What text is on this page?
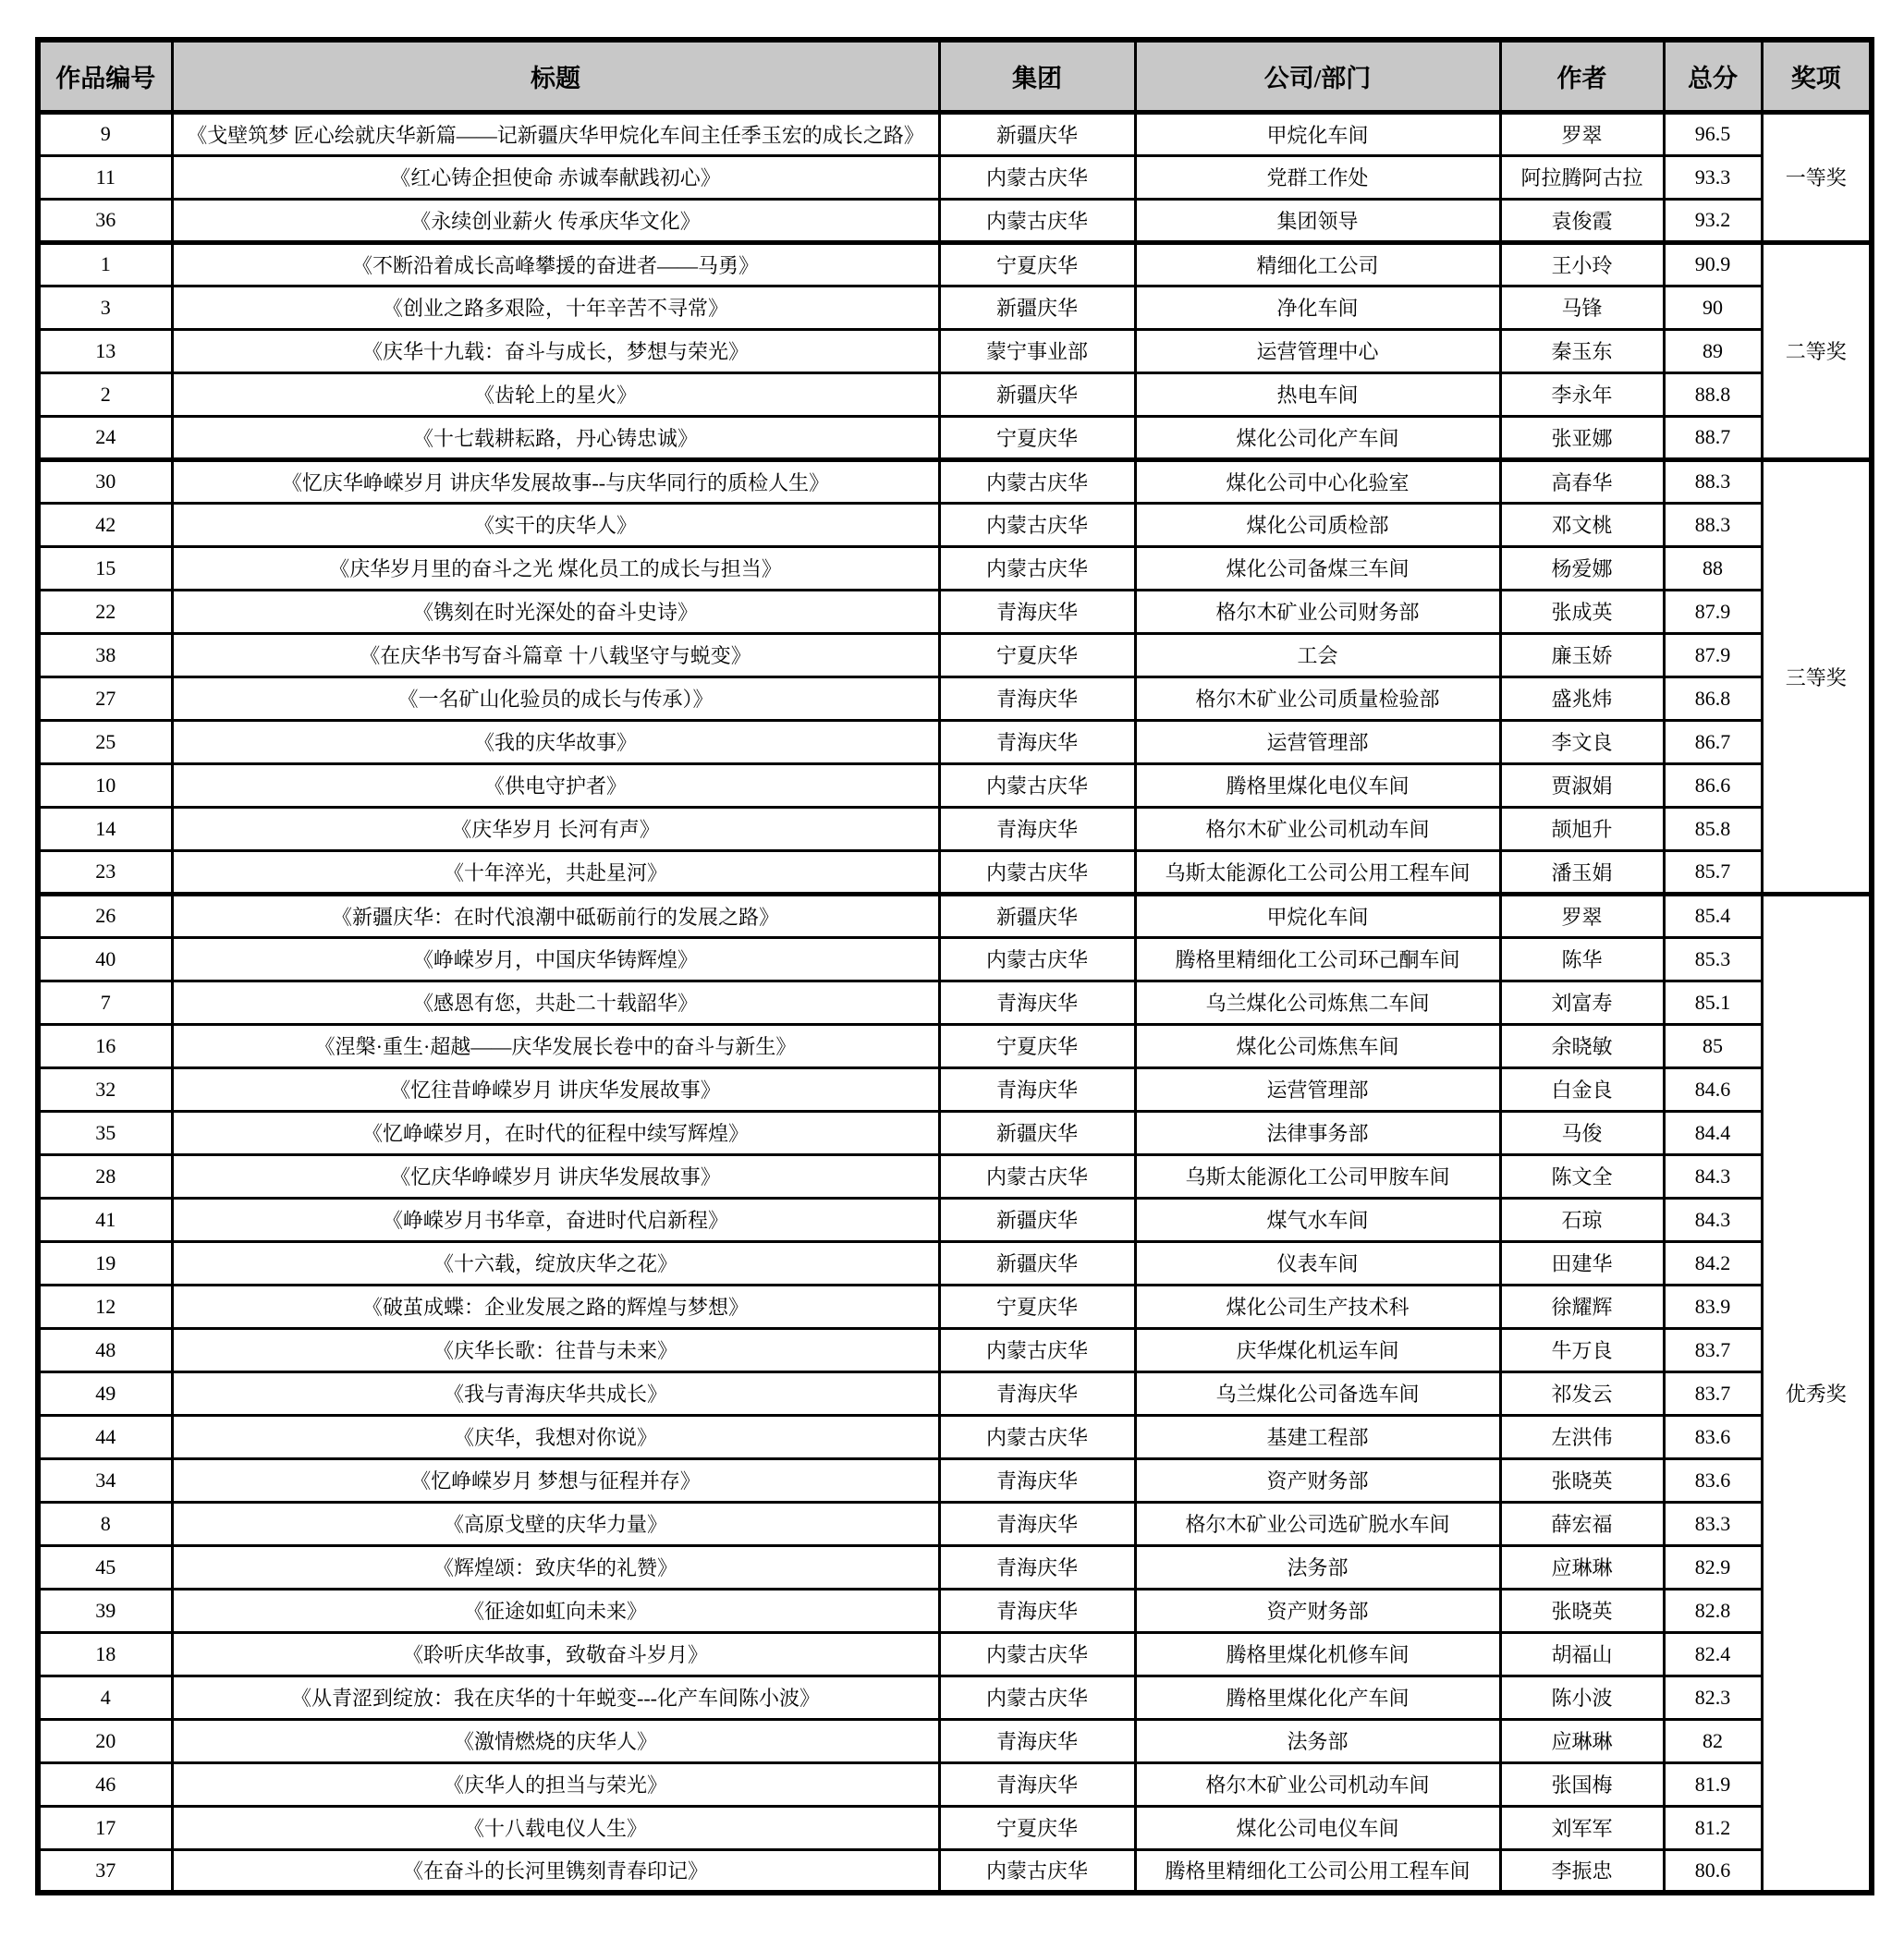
作品编号	标题	集团	公司/部门	作者	总分	奖项
9	《戈壁筑梦 匠心绘就庆华新篇——记新疆庆华甲烷化车间主任季玉宏的成长之路》	新疆庆华	甲烷化车间	罗翠	96.5	一等奖
11	《红心铸企担使命 赤诚奉献践初心》	内蒙古庆华	党群工作处	阿拉腾阿古拉	93.3	
36	《永续创业薪火 传承庆华文化》	内蒙古庆华	集团领导	袁俊霞	93.2	
1	《不断沿着成长高峰攀援的奋进者——马勇》	宁夏庆华	精细化工公司	王小玲	90.9	二等奖
3	《创业之路多艰险，十年辛苦不寻常》	新疆庆华	净化车间	马锋	90	
13	《庆华十九载：奋斗与成长，梦想与荣光》	蒙宁事业部	运营管理中心	秦玉东	89	
2	《齿轮上的星火》	新疆庆华	热电车间	李永年	88.8	
24	《十七载耕耘路，丹心铸忠诚》	宁夏庆华	煤化公司化产车间	张亚娜	88.7	
30	《忆庆华峥嵘岁月 讲庆华发展故事--与庆华同行的质检人生》	内蒙古庆华	煤化公司中心化验室	高春华	88.3	三等奖
42	《实干的庆华人》	内蒙古庆华	煤化公司质检部	邓文桃	88.3	
15	《庆华岁月里的奋斗之光 煤化员工的成长与担当》	内蒙古庆华	煤化公司备煤三车间	杨爱娜	88	
22	《镌刻在时光深处的奋斗史诗》	青海庆华	格尔木矿业公司财务部	张成英	87.9	
38	《在庆华书写奋斗篇章 十八载坚守与蜕变》	宁夏庆华	工会	廉玉娇	87.9	
27	《一名矿山化验员的成长与传承）》	青海庆华	格尔木矿业公司质量检验部	盛兆炜	86.8	
25	《我的庆华故事》	青海庆华	运营管理部	李文良	86.7	
10	《供电守护者》	内蒙古庆华	腾格里煤化电仪车间	贾淑娟	86.6	
14	《庆华岁月 长河有声》	青海庆华	格尔木矿业公司机动车间	颉旭升	85.8	
23	《十年淬光，共赴星河》	内蒙古庆华	乌斯太能源化工公司公用工程车间	潘玉娟	85.7	
26	《新疆庆华：在时代浪潮中砥砺前行的发展之路》	新疆庆华	甲烷化车间	罗翠	85.4	优秀奖
40	《峥嵘岁月，中国庆华铸辉煌》	内蒙古庆华	腾格里精细化工公司环己酮车间	陈华	85.3	
7	《感恩有您，共赴二十载韶华》	青海庆华	乌兰煤化公司炼焦二车间	刘富寿	85.1	
16	《涅槃·重生·超越——庆华发展长卷中的奋斗与新生》	宁夏庆华	煤化公司炼焦车间	余晓敏	85	
32	《忆往昔峥嵘岁月 讲庆华发展故事》	青海庆华	运营管理部	白金良	84.6	
35	《忆峥嵘岁月，在时代的征程中续写辉煌》	新疆庆华	法律事务部	马俊	84.4	
28	《忆庆华峥嵘岁月 讲庆华发展故事》	内蒙古庆华	乌斯太能源化工公司甲胺车间	陈文全	84.3	
41	《峥嵘岁月书华章，奋进时代启新程》	新疆庆华	煤气水车间	石琼	84.3	
19	《十六载，绽放庆华之花》	新疆庆华	仪表车间	田建华	84.2	
12	《破茧成蝶：企业发展之路的辉煌与梦想》	宁夏庆华	煤化公司生产技术科	徐耀辉	83.9	
48	《庆华长歌：往昔与未来》	内蒙古庆华	庆华煤化机运车间	牛万良	83.7	
49	《我与青海庆华共成长》	青海庆华	乌兰煤化公司备选车间	祁发云	83.7	
44	《庆华，我想对你说》	内蒙古庆华	基建工程部	左洪伟	83.6	
34	《忆峥嵘岁月 梦想与征程并存》	青海庆华	资产财务部	张晓英	83.6	
8	《高原戈壁的庆华力量》	青海庆华	格尔木矿业公司选矿脱水车间	薛宏福	83.3	
45	《辉煌颂：致庆华的礼赞》	青海庆华	法务部	应琳琳	82.9	
39	《征途如虹向未来》	青海庆华	资产财务部	张晓英	82.8	
18	《聆听庆华故事，致敬奋斗岁月》	内蒙古庆华	腾格里煤化机修车间	胡福山	82.4	
4	《从青涩到绽放：我在庆华的十年蜕变---化产车间陈小波》	内蒙古庆华	腾格里煤化化产车间	陈小波	82.3	
20	《激情燃烧的庆华人》	青海庆华	法务部	应琳琳	82	
46	《庆华人的担当与荣光》	青海庆华	格尔木矿业公司机动车间	张国梅	81.9	
17	《十八载电仪人生》	宁夏庆华	煤化公司电仪车间	刘军军	81.2	
37	《在奋斗的长河里镌刻青春印记》	内蒙古庆华	腾格里精细化工公司公用工程车间	李振忠	80.6	
